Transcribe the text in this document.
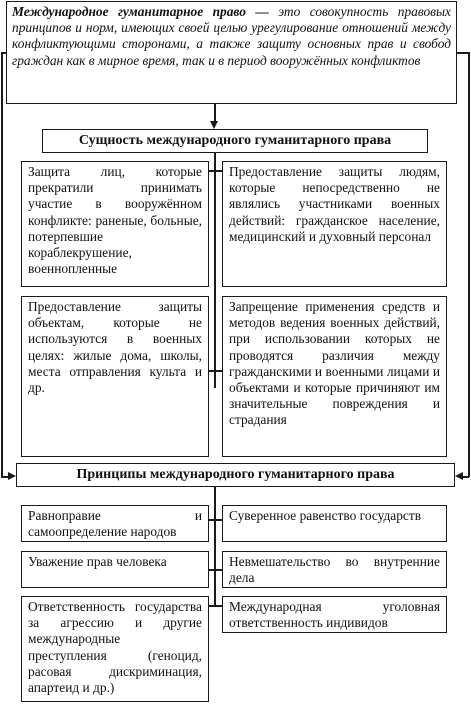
Международное гуманитарное право — это совокупность правовых принципов и норм, имеющих своей целью урегулирование отношений между конфликтующими сторонами, а также защиту основных прав и свобод граждан как в мирное время, так и в период вооружённых конфликтов
Сущность международного гуманитарного права
Защита лиц, которые прекратили принимать участие в вооружённом конфликте: раненые, больные, потерпевшие кораблекрушение, военнопленные
Предоставление защиты людям, которые непосредственно не являлись участниками военных действий: гражданское население, медицинский и духовный персонал
Предоставление защиты объектам, которые не используются в военных целях: жилые дома, школы, места отправления культа и др.
Запрещение применения средств и методов ведения военных действий, при использовании которых не проводятся различия между гражданскими и военными лицами и объектами и которые причиняют им значительные повреждения и страдания
Принципы международного гуманитарного права
Равноправие и самоопределение народов
Суверенное равенство государств
Уважение прав человека	Невмешательство во внутренние дела
Ответственность государства за агрессию и другие международные преступления (геноцид, расовая дискриминация, апартеид и др.)
Международная уголовная ответственность индивидов
